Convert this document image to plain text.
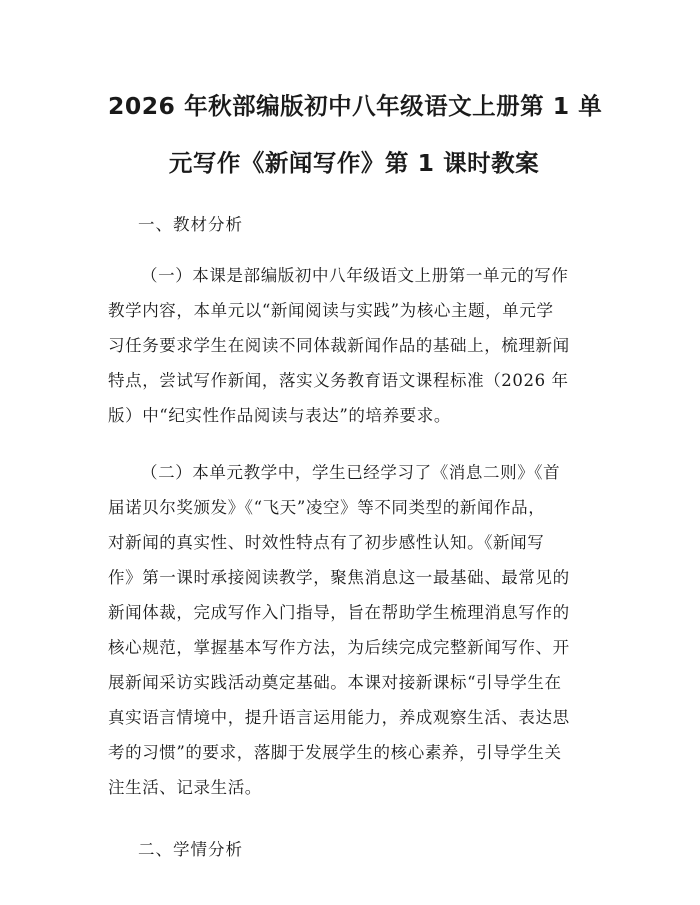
2026 年秋部编版初中八年级语文上册第 1 单
元写作《新闻写作》第 1 课时教案
一、教材分析

（一）本课是部编版初中八年级语文上册第一单元的写作
教学内容，本单元以“新闻阅读与实践”为核心主题，单元学
习任务要求学生在阅读不同体裁新闻作品的基础上，梳理新闻
特点，尝试写作新闻，落实义务教育语文课程标准（2026 年
版）中“纪实性作品阅读与表达”的培养要求。

（二）本单元教学中，学生已经学习了《消息二则》《首
届诺贝尔奖颁发》《“飞天”凌空》等不同类型的新闻作品，
对新闻的真实性、时效性特点有了初步感性认知。《新闻写
作》第一课时承接阅读教学，聚焦消息这一最基础、最常见的
新闻体裁，完成写作入门指导，旨在帮助学生梳理消息写作的
核心规范，掌握基本写作方法，为后续完成完整新闻写作、开
展新闻采访实践活动奠定基础。本课对接新课标“引导学生在
真实语言情境中，提升语言运用能力，养成观察生活、表达思
考的习惯”的要求，落脚于发展学生的核心素养，引导学生关
注生活、记录生活。

二、学情分析
